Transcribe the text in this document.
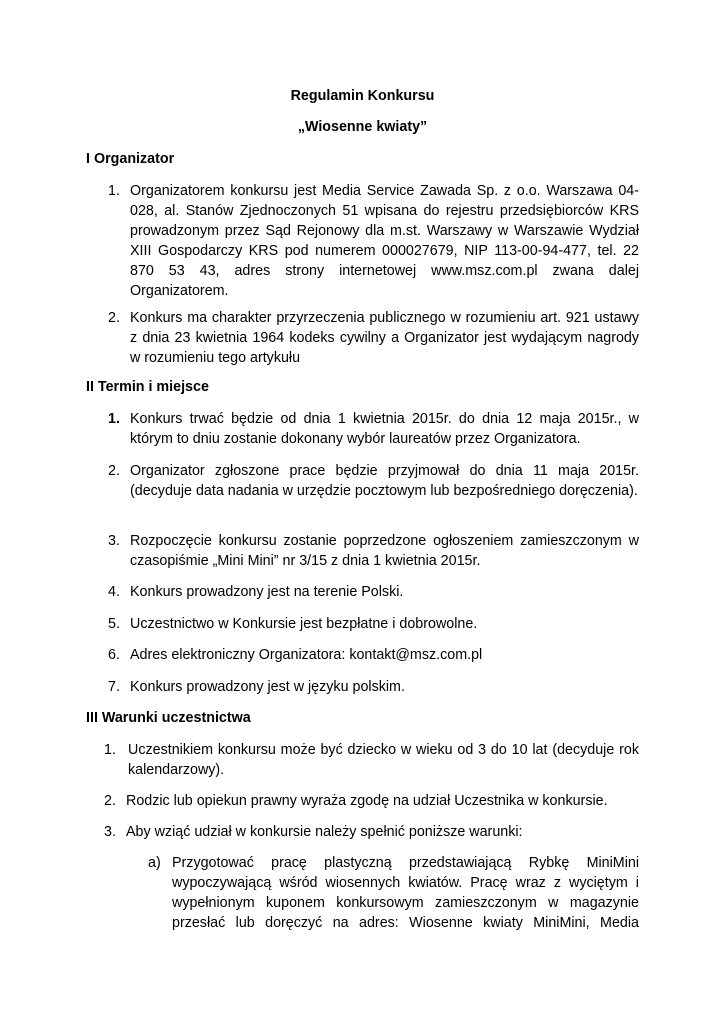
Regulamin Konkursu
„Wiosenne kwiaty”
I Organizator
1. Organizatorem konkursu jest Media Service Zawada Sp. z o.o. Warszawa 04-028, al. Stanów Zjednoczonych 51 wpisana do rejestru przedsiębiorców KRS prowadzonym przez Sąd Rejonowy dla m.st. Warszawy w Warszawie Wydział XIII Gospodarczy KRS pod numerem 000027679, NIP 113-00-94-477, tel. 22 870 53 43, adres strony internetowej www.msz.com.pl zwana dalej Organizatorem.
2. Konkurs ma charakter przyrzeczenia publicznego w rozumieniu art. 921 ustawy z dnia 23 kwietnia 1964 kodeks cywilny a Organizator jest wydającym nagrody w rozumieniu tego artykułu
II Termin i miejsce
1. Konkurs trwać będzie od dnia 1 kwietnia 2015r. do dnia 12 maja 2015r., w którym to dniu zostanie dokonany wybór laureatów przez Organizatora.
2. Organizator zgłoszone prace będzie przyjmował do dnia 11 maja 2015r. (decyduje data nadania w urzędzie pocztowym lub bezpośredniego doręczenia).
3. Rozpoczęcie konkursu zostanie poprzedzone ogłoszeniem zamieszczonym w czasopiśmie „Mini Mini” nr 3/15 z dnia 1 kwietnia 2015r.
4. Konkurs prowadzony jest na terenie Polski.
5. Uczestnictwo w Konkursie jest bezpłatne i dobrowolne.
6. Adres elektroniczny Organizatora: kontakt@msz.com.pl
7. Konkurs prowadzony jest w języku polskim.
III Warunki uczestnictwa
1. Uczestnikiem konkursu może być dziecko w wieku od 3 do 10 lat (decyduje rok kalendarzowy).
2. Rodzic lub opiekun prawny wyraża zgodę na udział Uczestnika w konkursie.
3. Aby wziąć udział w konkursie należy spełnić poniższe warunki:
a) Przygotować pracę plastyczną przedstawiającą Rybkę MiniMini wypoczywającą wśród wiosennych kwiatów. Pracę wraz z wyciętym i wypełnionym kuponem konkursowym zamieszczonym w magazynie przesłać lub doręczyć na adres: Wiosenne kwiaty MiniMini, Media
